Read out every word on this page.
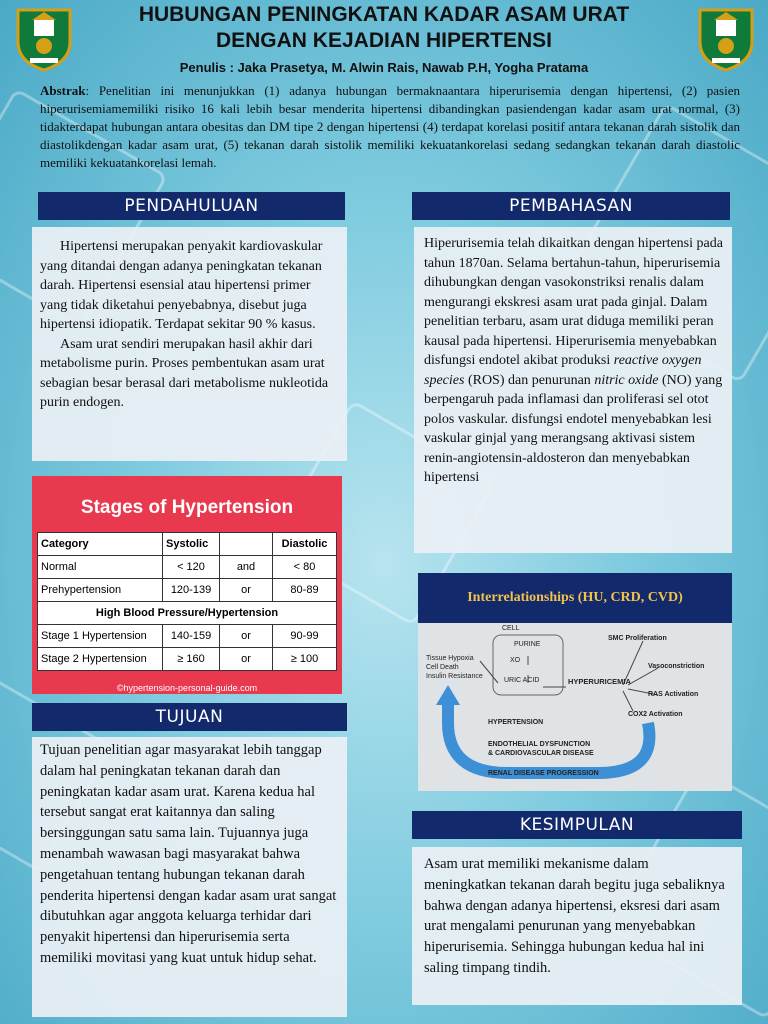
HUBUNGAN PENINGKATAN KADAR ASAM URAT
DENGAN KEJADIAN HIPERTENSI
Penulis : Jaka Prasetya, M. Alwin Rais, Nawab P.H, Yogha Pratama
Abstrak: Penelitian ini menunjukkan (1) adanya hubungan bermaknaantara hiperurisemia dengan hipertensi, (2) pasien hiperurisemiamemiliki risiko 16 kali lebih besar menderita hipertensi dibandingkan pasiendengan kadar asam urat normal, (3) tidakterdapat hubungan antara obesitas dan DM tipe 2 dengan hipertensi (4) terdapat korelasi positif antara tekanan darah sistolik dan diastolikdengan kadar asam urat, (5) tekanan darah sistolik memiliki kekuatankorelasi sedang sedangkan tekanan darah diastolic memiliki kekuatankorelasi lemah.
PENDAHULUAN

Hipertensi merupakan penyakit kardiovaskular yang ditandai dengan adanya peningkatan tekanan darah. Hipertensi esensial atau hipertensi primer yang tidak diketahui penyebabnya, disebut juga hipertensi idiopatik. Terdapat sekitar 90 % kasus.

Asam urat sendiri merupakan hasil akhir dari metabolisme purin. Proses pembentukan asam urat sebagian besar berasal dari metabolisme nukleotida purin endogen.

Stages of Hypertension
Category	Systolic		Diastolic
Normal	< 120	and	< 80
Prehypertension	120-139	or	80-89
High Blood Pressure/Hypertension			
Stage 1 Hypertension	140-159	or	90-99
Stage 2 Hypertension	≥ 160	or	≥ 100
©hypertension-personal-guide.com
TUJUAN

Tujuan penelitian agar masyarakat lebih tanggap dalam hal peningkatan tekanan darah dan peningkatan kadar asam urat. Karena kedua hal tersebut sangat erat kaitannya dan saling bersinggungan satu sama lain. Tujuannya juga menambah wawasan bagi masyarakat bahwa pengetahuan tentang hubungan tekanan darah penderita hipertensi dengan kadar asam urat sangat dibutuhkan agar anggota keluarga terhidar dari penyakit hipertensi dan hiperurisemia serta memiliki movitasi yang kuat untuk hidup sehat.

PEMBAHASAN

Hiperurisemia telah dikaitkan dengan hipertensi pada tahun 1870an. Selama bertahun-tahun, hiperurisemia dihubungkan dengan vasokonstriksi renalis dalam mengurangi ekskresi asam urat pada ginjal. Dalam penelitian terbaru, asam urat diduga memiliki peran kausal pada hipertensi. Hiperurisemia menyebabkan disfungsi endotel akibat produksi reactive oxygen species (ROS) dan penurunan nitric oxide (NO) yang berpengaruh pada inflamasi dan proliferasi sel otot polos vaskular. disfungsi endotel menyebabkan lesi vaskular ginjal yang merangsang aktivasi sistem renin-angiotensin-aldosteron dan menyebabkan hipertensi

Interrelationships (HU, CRD, CVD)
CELL
PURINE
XO
URIC ACID	HYPERURICEMIA
Tissue Hypoxia
Cell Death
Insulin Resistance
SMC Proliferation
Vasoconstriction
RAS Activation
COX2 Activation
HYPERTENSION
ENDOTHELIAL DYSFUNCTION
& CARDIOVASCULAR DISEASE
RENAL DISEASE PROGRESSION
KESIMPULAN

Asam urat memiliki mekanisme dalam meningkatkan tekanan darah begitu juga sebaliknya bahwa dengan adanya hipertensi, eksresi dari asam urat mengalami penurunan yang menyebabkan hiperurisemia. Sehingga hubungan kedua hal ini saling timpang tindih.
